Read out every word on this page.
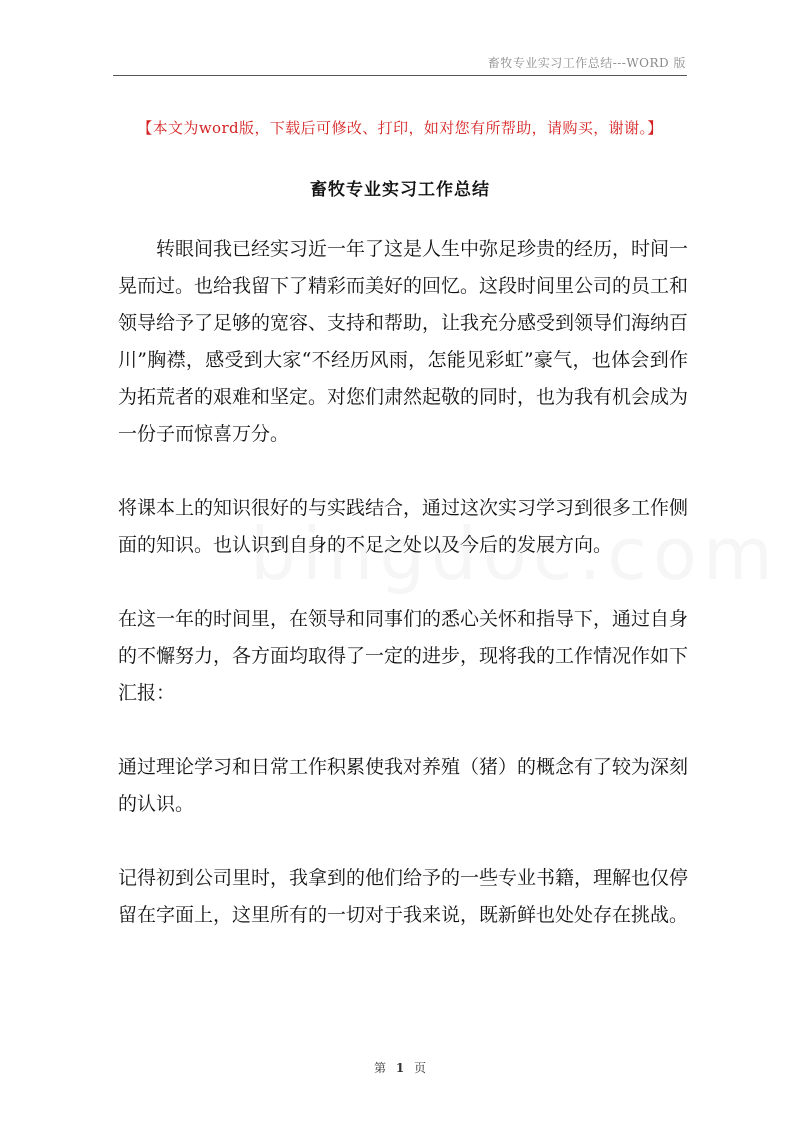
畜牧专业实习工作总结---WORD 版
【本文为word版，下载后可修改、打印，如对您有所帮助，请购买，谢谢。】
畜牧专业实习工作总结

转眼间我已经实习近一年了这是人生中弥足珍贵的经历，时间一晃而过。也给我留下了精彩而美好的回忆。这段时间里公司的员工和领导给予了足够的宽容、支持和帮助，让我充分感受到领导们海纳百川”胸襟，感受到大家“不经历风雨，怎能见彩虹”豪气，也体会到作为拓荒者的艰难和坚定。对您们肃然起敬的同时，也为我有机会成为一份子而惊喜万分。

将课本上的知识很好的与实践结合，通过这次实习学习到很多工作侧面的知识。也认识到自身的不足之处以及今后的发展方向。

在这一年的时间里，在领导和同事们的悉心关怀和指导下，通过自身的不懈努力，各方面均取得了一定的进步，现将我的工作情况作如下汇报：

通过理论学习和日常工作积累使我对养殖（猪）的概念有了较为深刻的认识。

记得初到公司里时，我拿到的他们给予的一些专业书籍，理解也仅停留在字面上，这里所有的一切对于我来说，既新鲜也处处存在挑战。

第 1 页
